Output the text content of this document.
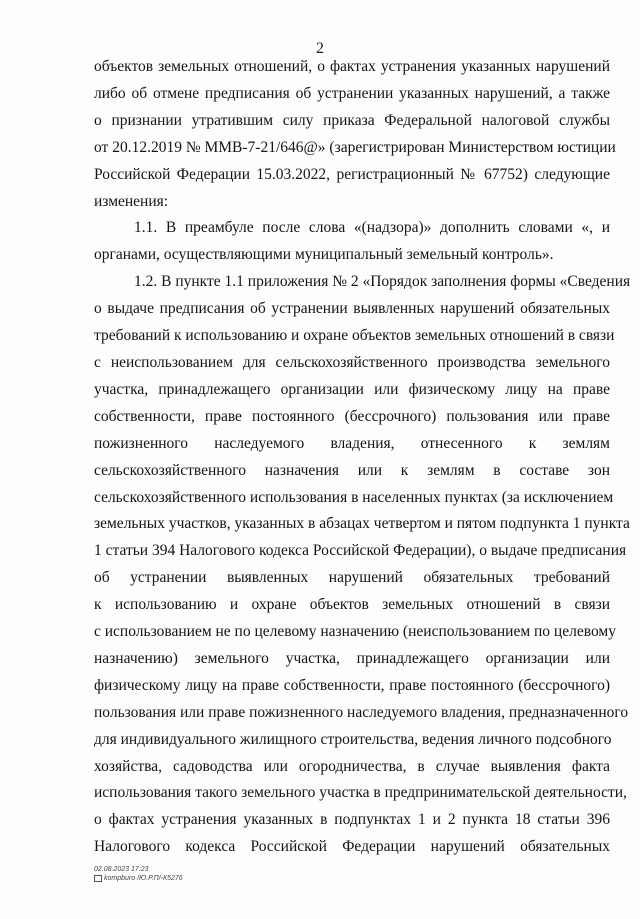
2
объектов земельных отношений, о фактах устранения указанных нарушений
либо об отмене предписания об устранении указанных нарушений, а также
о признании утратившим силу приказа Федеральной налоговой службы
от 20.12.2019 № ММВ-7-21/646@» (зарегистрирован Министерством юстиции
Российской Федерации 15.03.2022, регистрационный № 67752) следующие
изменения:
1.1. В преамбуле после слова «(надзора)» дополнить словами «, и
органами, осуществляющими муниципальный земельный контроль».
1.2. В пункте 1.1 приложения № 2 «Порядок заполнения формы «Сведения
о выдаче предписания об устранении выявленных нарушений обязательных
требований к использованию и охране объектов земельных отношений в связи
с неиспользованием для сельскохозяйственного производства земельного
участка, принадлежащего организации или физическому лицу на праве
собственности, праве постоянного (бессрочного) пользования или праве
пожизненного наследуемого владения, отнесенного к землям
сельскохозяйственного назначения или к землям в составе зон
сельскохозяйственного использования в населенных пунктах (за исключением
земельных участков, указанных в абзацах четвертом и пятом подпункта 1 пункта
1 статьи 394 Налогового кодекса Российской Федерации), о выдаче предписания
об устранении выявленных нарушений обязательных требований
к использованию и охране объектов земельных отношений в связи
с использованием не по целевому назначению (неиспользованием по целевому
назначению) земельного участка, принадлежащего организации или
физическому лицу на праве собственности, праве постоянного (бессрочного)
пользования или праве пожизненного наследуемого владения, предназначенного
для индивидуального жилищного строительства, ведения личного подсобного
хозяйства, садоводства или огородничества, в случае выявления факта
использования такого земельного участка в предпринимательской деятельности,
о фактах устранения указанных в подпунктах 1 и 2 пункта 18 статьи 396
Налогового кодекса Российской Федерации нарушений обязательных
02.08.2023 17:23
kompburo /Ю.Р.П/-К5276
